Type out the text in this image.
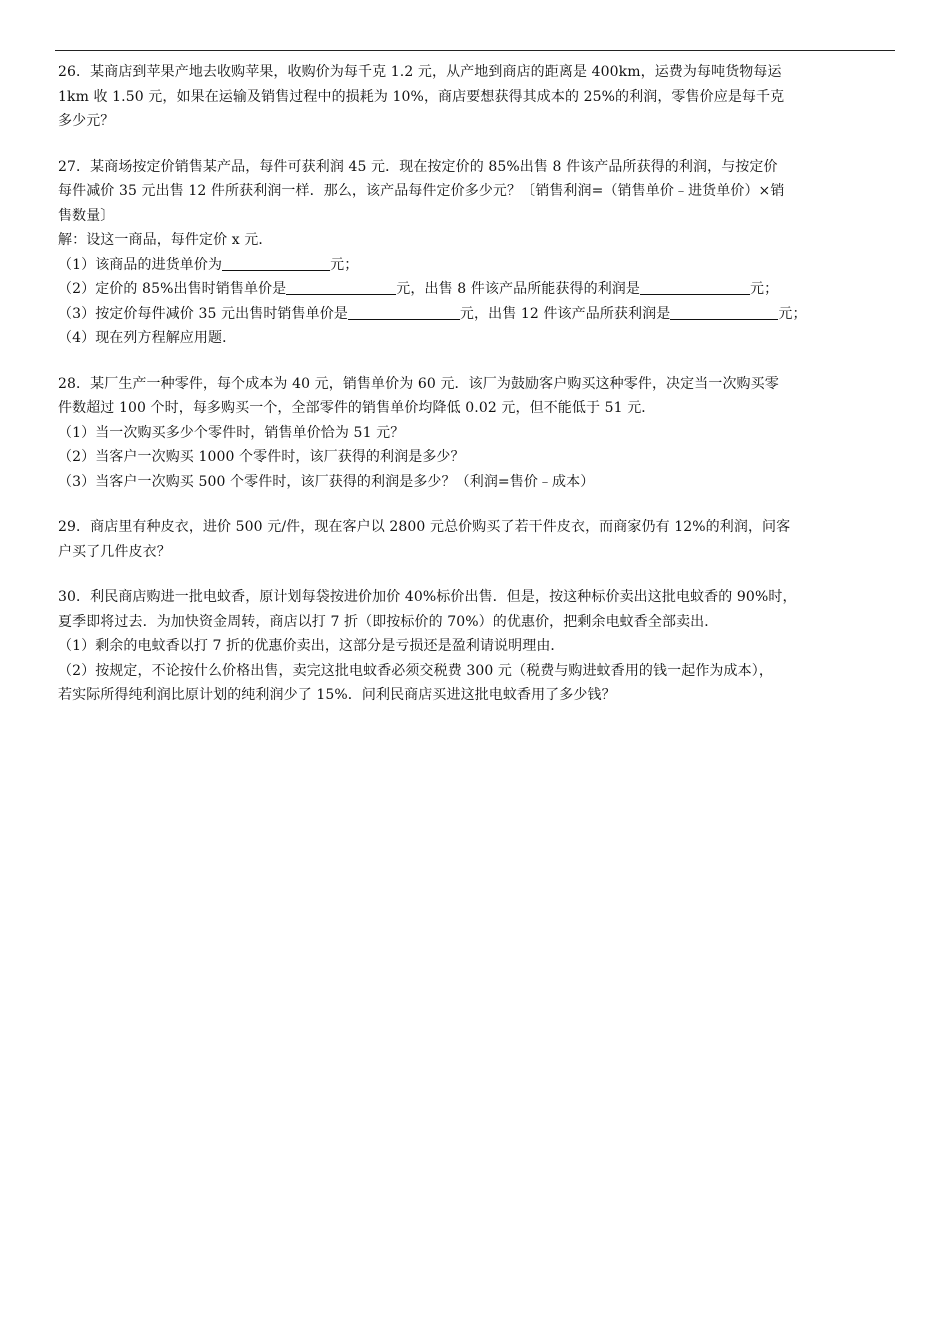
26．某商店到苹果产地去收购苹果，收购价为每千克 1.2 元，从产地到商店的距离是 400km，运费为每吨货物每运
1km 收 1.50 元，如果在运输及销售过程中的损耗为 10%，商店要想获得其成本的 25%的利润，零售价应是每千克
多少元？
27．某商场按定价销售某产品，每件可获利润 45 元．现在按定价的 85%出售 8 件该产品所获得的利润，与按定价
每件减价 35 元出售 12 件所获利润一样．那么，该产品每件定价多少元？〔销售利润=（销售单价﹣进货单价）×销
售数量〕
解：设这一商品，每件定价 x 元．
（1）该商品的进货单价为	元；
（2）定价的 85%出售时销售单价是	元，出售 8 件该产品所能获得的利润是	元；
（3）按定价每件减价 35 元出售时销售单价是	元，出售 12 件该产品所获利润是	元；
（4）现在列方程解应用题．
28．某厂生产一种零件，每个成本为 40 元，销售单价为 60 元．该厂为鼓励客户购买这种零件，决定当一次购买零
件数超过 100 个时，每多购买一个，全部零件的销售单价均降低 0.02 元，但不能低于 51 元．
（1）当一次购买多少个零件时，销售单价恰为 51 元？
（2）当客户一次购买 1000 个零件时，该厂获得的利润是多少？
（3）当客户一次购买 500 个零件时，该厂获得的利润是多少？（利润=售价﹣成本）
29．商店里有种皮衣，进价 500 元/件，现在客户以 2800 元总价购买了若干件皮衣，而商家仍有 12%的利润，问客
户买了几件皮衣？
30．利民商店购进一批电蚊香，原计划每袋按进价加价 40%标价出售．但是，按这种标价卖出这批电蚊香的 90%时，
夏季即将过去．为加快资金周转，商店以打 7 折（即按标价的 70%）的优惠价，把剩余电蚊香全部卖出．
（1）剩余的电蚊香以打 7 折的优惠价卖出，这部分是亏损还是盈利请说明理由．
（2）按规定，不论按什么价格出售，卖完这批电蚊香必须交税费 300 元（税费与购进蚊香用的钱一起作为成本），
若实际所得纯利润比原计划的纯利润少了 15%．问利民商店买进这批电蚊香用了多少钱？
